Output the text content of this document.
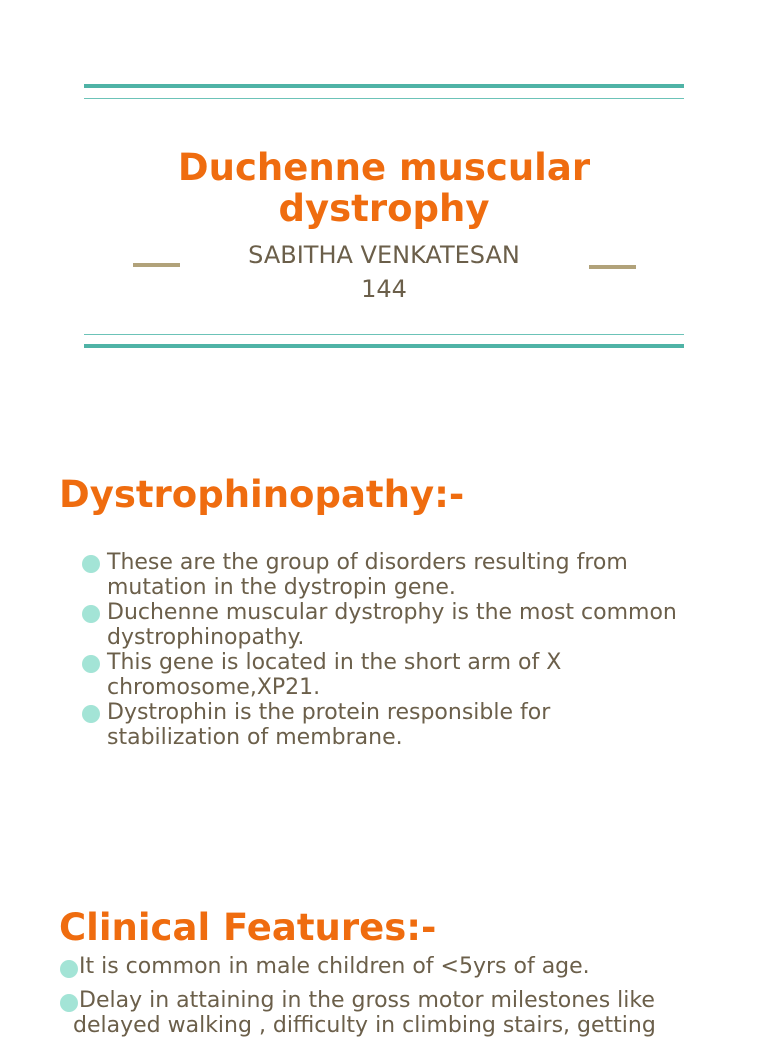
Duchenne muscular
dystrophy
SABITHA VENKATESAN
144
Dystrophinopathy:-
These are the group of disorders resulting from
mutation in the dystropin gene.
Duchenne muscular dystrophy is the most common
dystrophinopathy.
This gene is located in the short arm of X
chromosome,XP21.
Dystrophin is the protein responsible for
stabilization of membrane.
Clinical Features:-
It is common in male children of <5yrs of age.
Delay in attaining in the gross motor milestones like
delayed walking , difficulty in climbing stairs, getting
